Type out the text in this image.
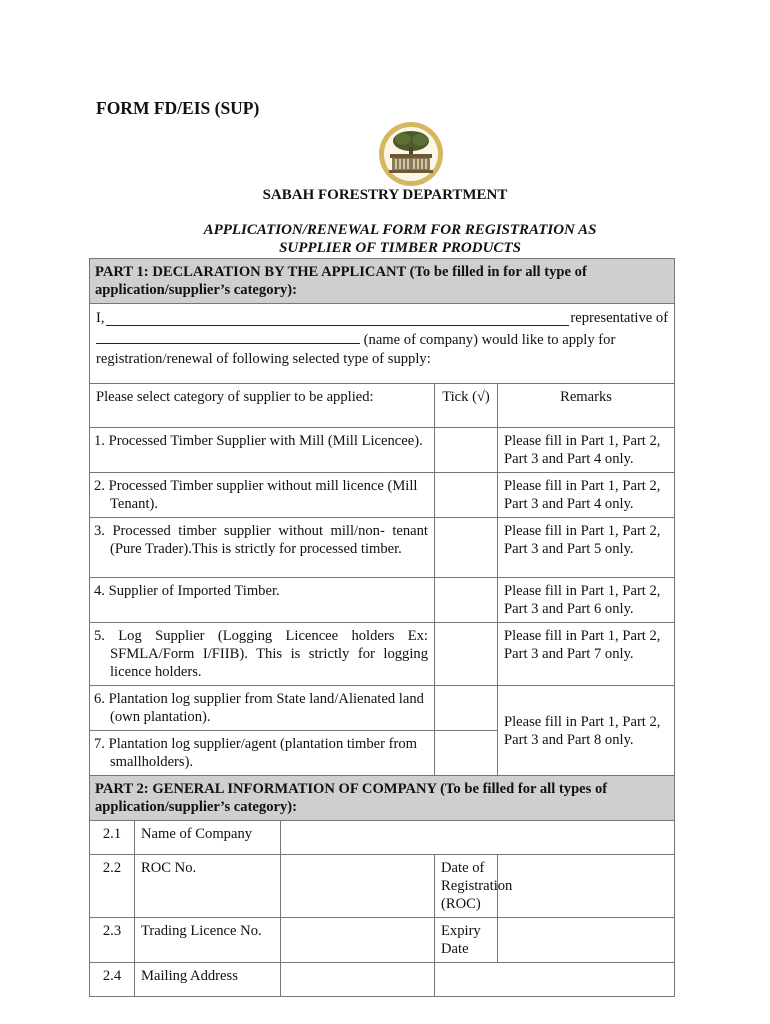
FORM FD/EIS (SUP)
SABAH FORESTRY DEPARTMENT
APPLICATION/RENEWAL FORM FOR REGISTRATION AS
SUPPLIER OF TIMBER PRODUCTS
PART 1: DECLARATION BY THE APPLICANT (To be filled in for all type of application/supplier’s category):				

I, representative of
(name of company) would like to apply for
registration/renewal of following selected type of supply:				

Please select category of supplier to be applied:			Tick (√)	Remarks
1. Processed Timber Supplier with Mill (Mill Licencee).				Please fill in Part 1, Part 2, Part 3 and Part 4 only.
2. Processed Timber supplier without mill licence (Mill Tenant).				Please fill in Part 1, Part 2, Part 3 and Part 4 only.
3. Processed timber supplier without mill/non- tenant (Pure Trader).This is strictly for processed timber.				Please fill in Part 1, Part 2, Part 3 and Part 5 only.
4. Supplier of Imported Timber.				Please fill in Part 1, Part 2, Part 3 and Part 6 only.
5. Log Supplier (Logging Licencee holders Ex: SFMLA/Form I/FIIB). This is strictly for logging licence holders.				Please fill in Part 1, Part 2, Part 3 and Part 7 only.
6. Plantation log supplier from State land/Alienated land (own plantation).				Please fill in Part 1, Part 2, Part 3 and Part 8 only.
7. Plantation log supplier/agent (plantation timber from smallholders).				
PART 2: GENERAL INFORMATION OF COMPANY (To be filled for all types of application/supplier’s category):				
2.1	Name of Company			
2.2	ROC No.		Date of Registration (ROC)	
2.3	Trading Licence No.		Expiry Date	
2.4	Mailing Address			
